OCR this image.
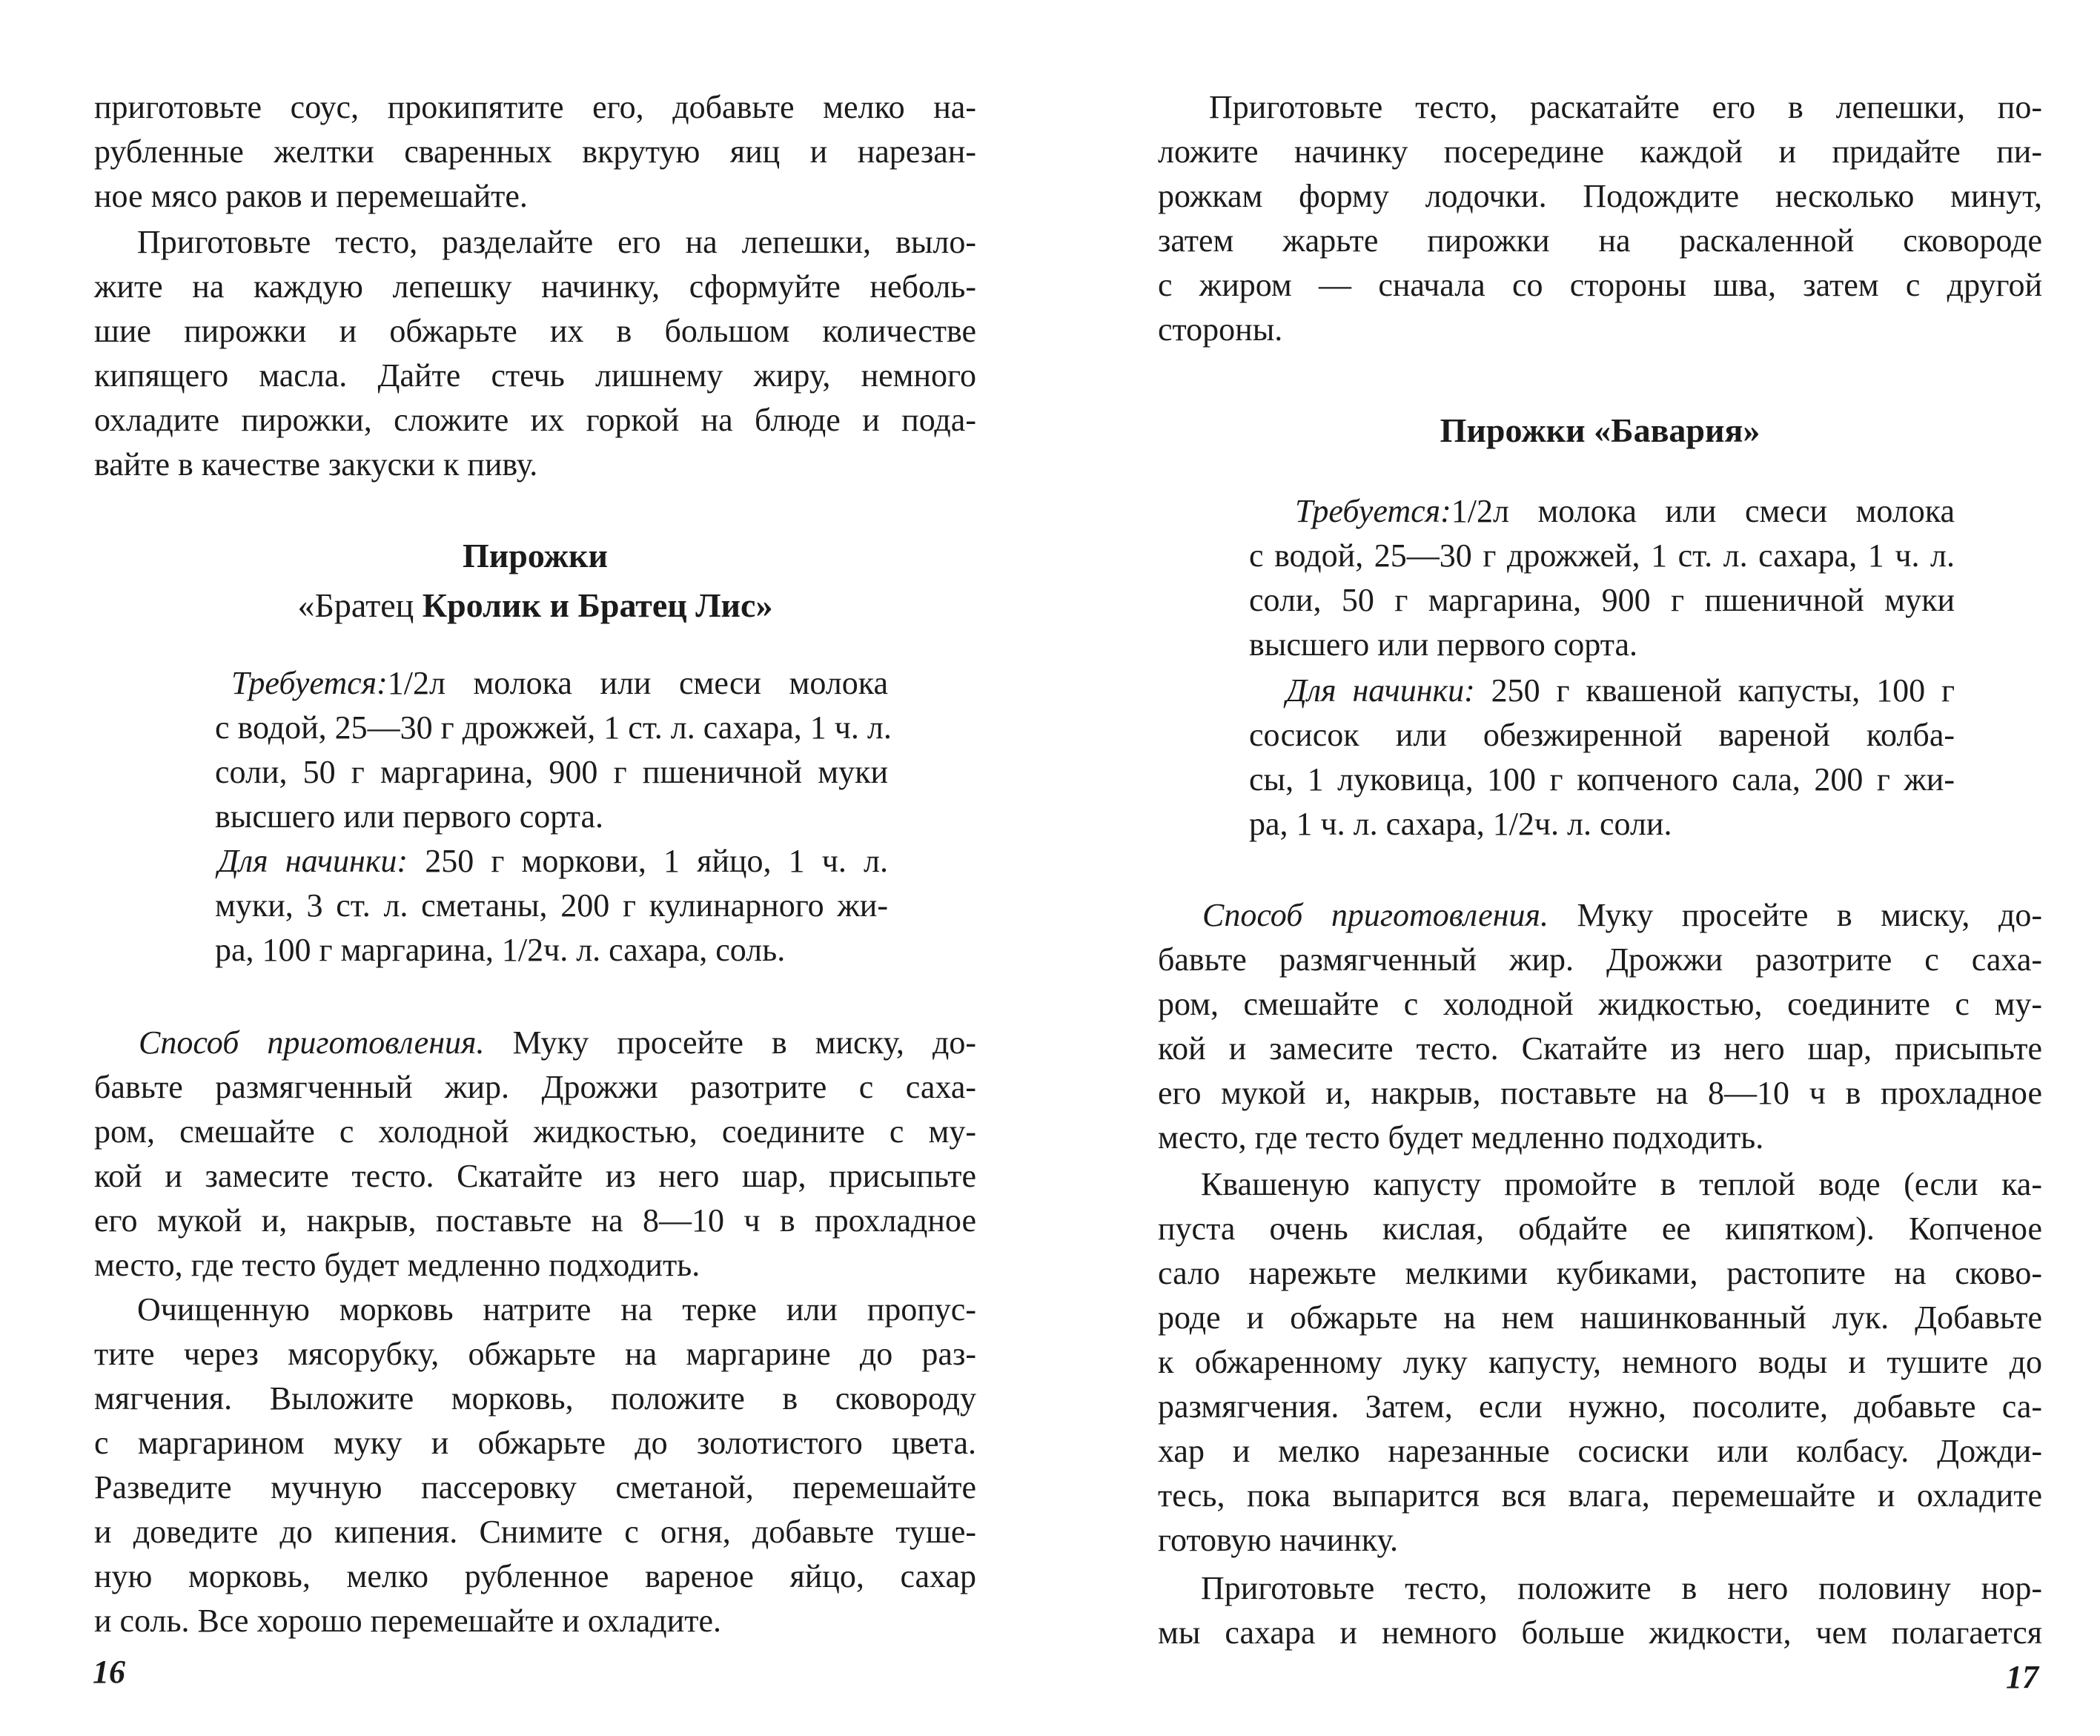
приготовьте соус, прокипятите его, добавьте мелко на-
рубленные желтки сваренных вкрутую яиц и нарезан-
ное мясо раков и перемешайте.
Приготовьте тесто, разделайте его на лепешки, выло-
жите на каждую лепешку начинку, сформуйте неболь-
шие пирожки и обжарьте их в большом количестве
кипящего масла. Дайте стечь лишнему жиру, немного
охладите пирожки, сложите их горкой на блюде и пода-
вайте в качестве закуски к пиву.
Пирожки
«Братец Кролик и Братец Лис»
Требуется:1/2л молока или смеси молока
с водой, 25—30 г дрожжей, 1 ст. л. сахара, 1 ч. л.
соли, 50 г маргарина, 900 г пшеничной муки
высшего или первого сорта.
Для начинки: 250 г моркови, 1 яйцо, 1 ч. л.
муки, 3 ст. л. сметаны, 200 г кулинарного жи-
ра, 100 г маргарина, 1/2ч. л. сахара, соль.
Способ приготовления. Муку просейте в миску, до-
бавьте размягченный жир. Дрожжи разотрите с саха-
ром, смешайте с холодной жидкостью, соедините с му-
кой и замесите тесто. Скатайте из него шар, присыпьте
его мукой и, накрыв, поставьте на 8—10 ч в прохладное
место, где тесто будет медленно подходить.
Очищенную морковь натрите на терке или пропус-
тите через мясорубку, обжарьте на маргарине до раз-
мягчения. Выложите морковь, положите в сковороду
с маргарином муку и обжарьте до золотистого цвета.
Разведите мучную пассеровку сметаной, перемешайте
и доведите до кипения. Снимите с огня, добавьте туше-
ную морковь, мелко рубленное вареное яйцо, сахар
и соль. Все хорошо перемешайте и охладите.
16
Приготовьте тесто, раскатайте его в лепешки, по-
ложите начинку посередине каждой и придайте пи-
рожкам форму лодочки. Подождите несколько минут,
затем жарьте пирожки на раскаленной сковороде
с жиром — сначала со стороны шва, затем с другой
стороны.
Пирожки «Бавария»
Требуется:1/2л молока или смеси молока
с водой, 25—30 г дрожжей, 1 ст. л. сахара, 1 ч. л.
соли, 50 г маргарина, 900 г пшеничной муки
высшего или первого сорта.
Для начинки: 250 г квашеной капусты, 100 г
сосисок или обезжиренной вареной колба-
сы, 1 луковица, 100 г копченого сала, 200 г жи-
ра, 1 ч. л. сахара, 1/2ч. л. соли.
Способ приготовления. Муку просейте в миску, до-
бавьте размягченный жир. Дрожжи разотрите с саха-
ром, смешайте с холодной жидкостью, соедините с му-
кой и замесите тесто. Скатайте из него шар, присыпьте
его мукой и, накрыв, поставьте на 8—10 ч в прохладное
место, где тесто будет медленно подходить.
Квашеную капусту промойте в теплой воде (если ка-
пуста очень кислая, обдайте ее кипятком). Копченое
сало нарежьте мелкими кубиками, растопите на сково-
роде и обжарьте на нем нашинкованный лук. Добавьте
к обжаренному луку капусту, немного воды и тушите до
размягчения. Затем, если нужно, посолите, добавьте са-
хар и мелко нарезанные сосиски или колбасу. Дожди-
тесь, пока выпарится вся влага, перемешайте и охладите
готовую начинку.
Приготовьте тесто, положите в него половину нор-
мы сахара и немного больше жидкости, чем полагается
17
